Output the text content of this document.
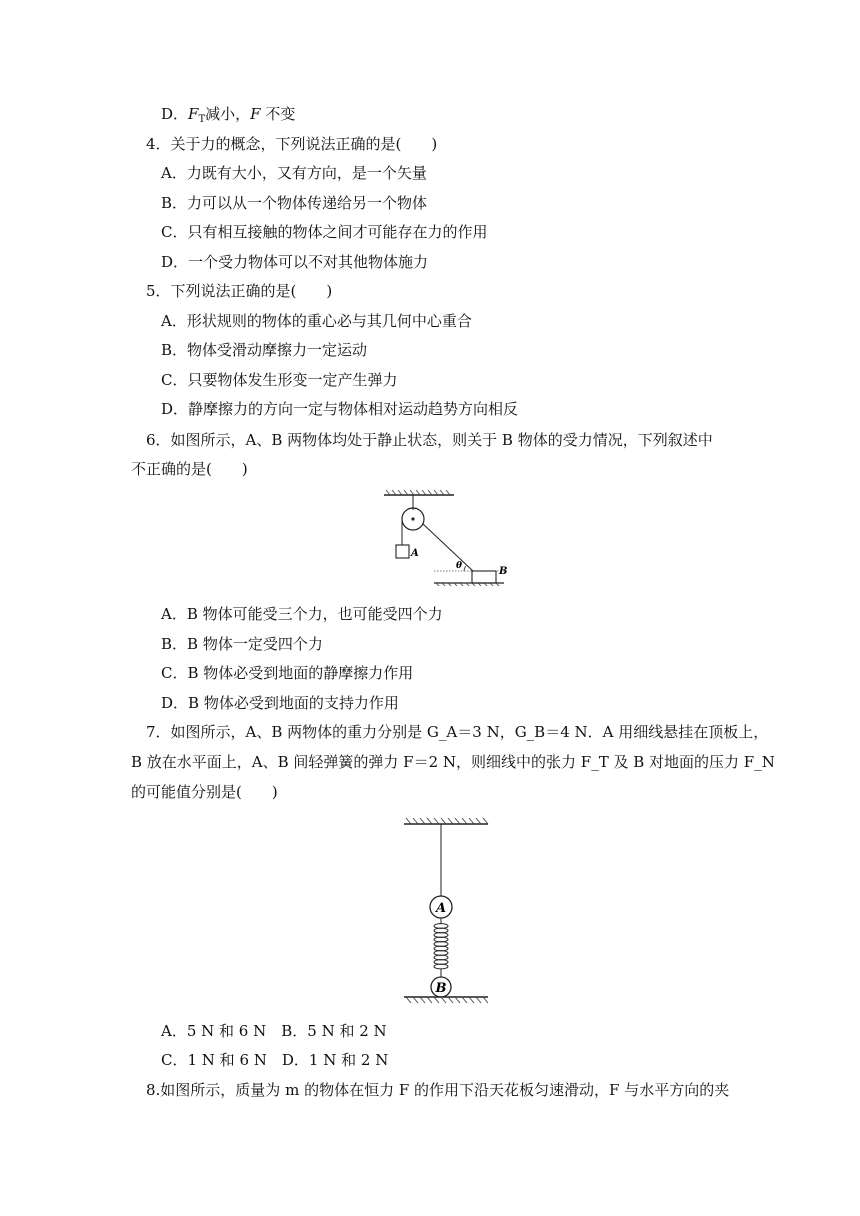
D．$F_T$减小，F 不变
4．关于力的概念，下列说法正确的是(　　)
A．力既有大小，又有方向，是一个矢量
B．力可以从一个物体传递给另一个物体
C．只有相互接触的物体之间才可能存在力的作用
D．一个受力物体可以不对其他物体施力
5．下列说法正确的是(　　)
A．形状规则的物体的重心必与其几何中心重合
B．物体受滑动摩擦力一定运动
C．只要物体发生形变一定产生弹力
D．静摩擦力的方向一定与物体相对运动趋势方向相反
6．如图所示，A、B 两物体均处于静止状态，则关于 B 物体的受力情况，下列叙述中
不正确的是(　　)
A
B
θ
A．B 物体可能受三个力，也可能受四个力
B．B 物体一定受四个力
C．B 物体必受到地面的静摩擦力作用
D．B 物体必受到地面的支持力作用
7．如图所示，A、B 两物体的重力分别是 G_A＝3 N，G_B＝4 N．A 用细线悬挂在顶板上，
B 放在水平面上，A、B 间轻弹簧的弹力 F＝2 N，则细线中的张力 F_T 及 B 对地面的压力 F_N
的可能值分别是(　　)
A
B
A．5 N 和 6 N　B．5 N 和 2 N
C．1 N 和 6 N　D．1 N 和 2 N
8.如图所示，质量为 m 的物体在恒力 F 的作用下沿天花板匀速滑动，F 与水平方向的夹
